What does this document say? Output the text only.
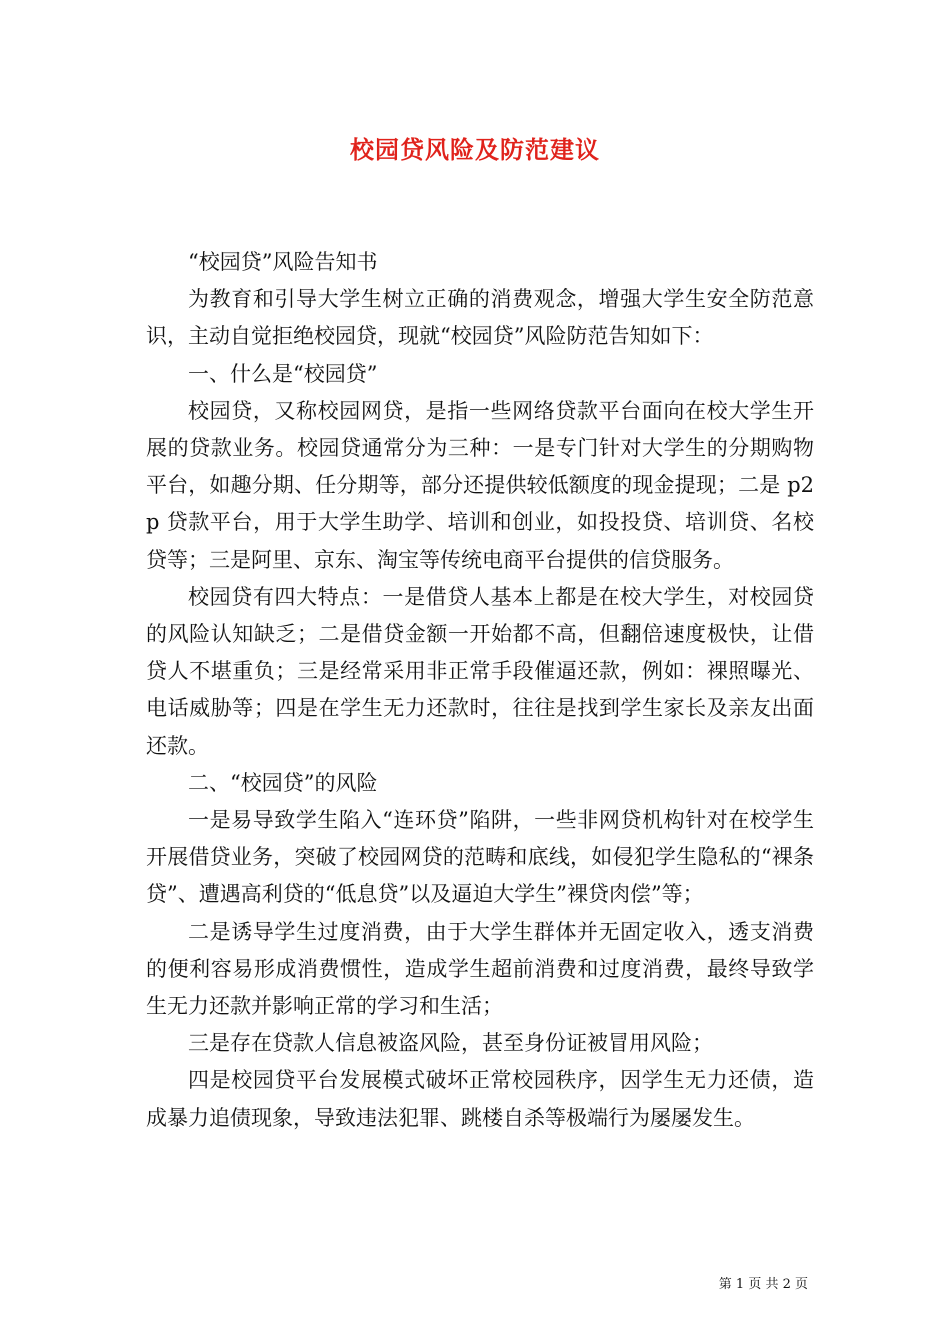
校园贷风险及防范建议

“校园贷”风险告知书

为教育和引导大学生树立正确的消费观念，增强大学生安全防范意识，主动自觉拒绝校园贷，现就“校园贷”风险防范告知如下：

一、什么是“校园贷”

校园贷，又称校园网贷，是指一些网络贷款平台面向在校大学生开展的贷款业务。校园贷通常分为三种：一是专门针对大学生的分期购物平台，如趣分期、任分期等，部分还提供较低额度的现金提现；二是 p2p 贷款平台，用于大学生助学、培训和创业，如投投贷、培训贷、名校贷等；三是阿里、京东、淘宝等传统电商平台提供的信贷服务。

校园贷有四大特点：一是借贷人基本上都是在校大学生，对校园贷的风险认知缺乏；二是借贷金额一开始都不高，但翻倍速度极快，让借贷人不堪重负；三是经常采用非正常手段催逼还款，例如：裸照曝光、电话威胁等；四是在学生无力还款时，往往是找到学生家长及亲友出面还款。

二、“校园贷”的风险

一是易导致学生陷入“连环贷”陷阱，一些非网贷机构针对在校学生开展借贷业务，突破了校园网贷的范畴和底线，如侵犯学生隐私的“裸条贷”、遭遇高利贷的“低息贷”以及逼迫大学生”裸贷肉偿”等；

二是诱导学生过度消费，由于大学生群体并无固定收入，透支消费的便利容易形成消费惯性，造成学生超前消费和过度消费，最终导致学生无力还款并影响正常的学习和生活；

三是存在贷款人信息被盗风险，甚至身份证被冒用风险；

四是校园贷平台发展模式破坏正常校园秩序，因学生无力还债，造成暴力追债现象，导致违法犯罪、跳楼自杀等极端行为屡屡发生。

第 1 页 共 2 页
